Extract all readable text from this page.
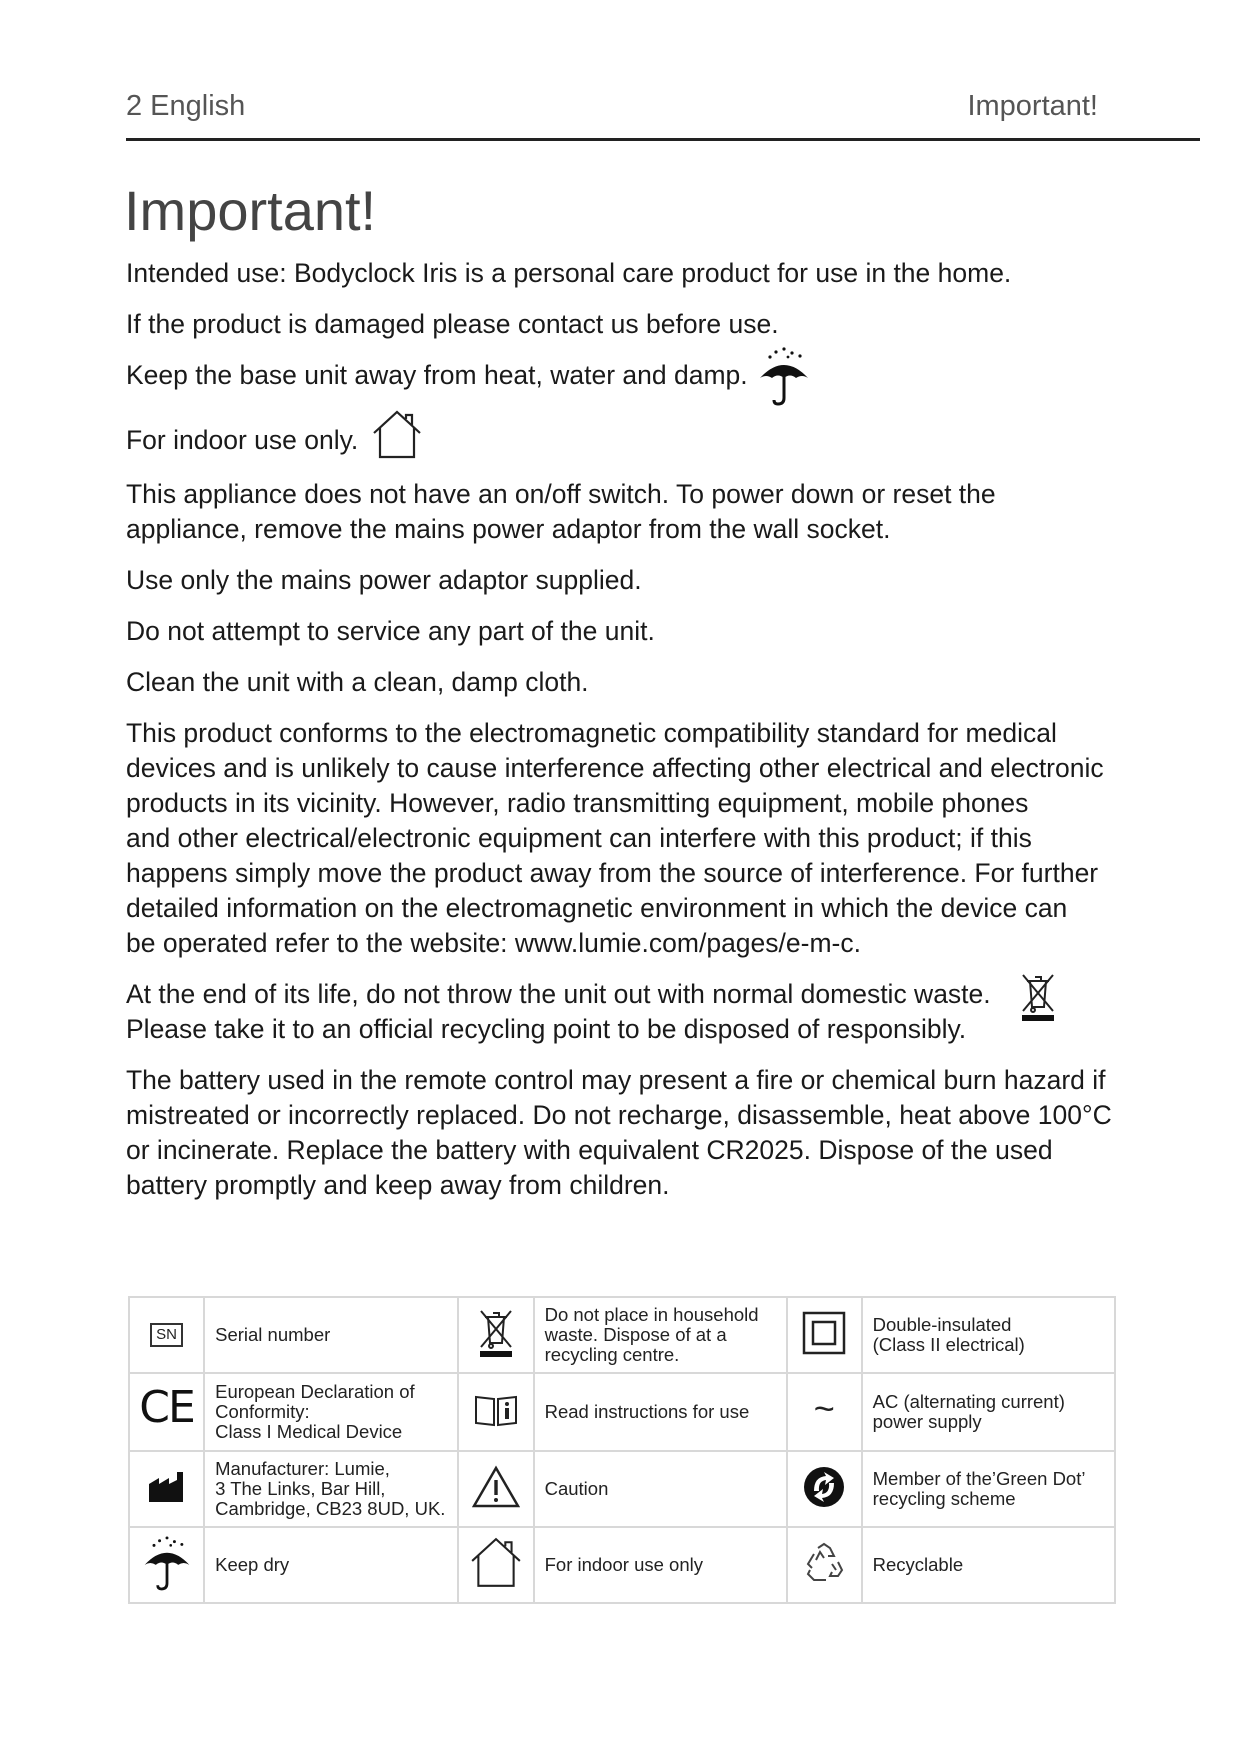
2 English	Important!
Important!

Intended use: Bodyclock Iris is a personal care product for use in the home.

If the product is damaged please contact us before use.

Keep the base unit away from heat, water and damp.

For indoor use only.

This appliance does not have an on/off switch. To power down or reset the
appliance, remove the mains power adaptor from the wall socket.

Use only the mains power adaptor supplied.

Do not attempt to service any part of the unit.

Clean the unit with a clean, damp cloth.

This product conforms to the electromagnetic compatibility standard for medical
devices and is unlikely to cause interference affecting other electrical and electronic
products in its vicinity. However, radio transmitting equipment, mobile phones
and other electrical/electronic equipment can interfere with this product; if this
happens simply move the product away from the source of interference. For further
detailed information on the electromagnetic environment in which the device can
be operated refer to the website: www.lumie.com/pages/e-m-c.

At the end of its life, do not throw the unit out with normal domestic waste.
Please take it to an official recycling point to be disposed of responsibly.

The battery used in the remote control may present a fire or chemical burn hazard if
mistreated or incorrectly replaced. Do not recharge, disassemble, heat above 100°C
or incinerate. Replace the battery with equivalent CR2025. Dispose of the used
battery promptly and keep away from children.

SN	Serial number		Do not place in household waste. Dispose of at a recycling centre.		Double-insulated
(Class II electrical)
CE	European Declaration of
Conformity:
Class I Medical Device		Read instructions for use	~	AC (alternating current)
power supply
	Manufacturer: Lumie,
3 The Links, Bar Hill,
Cambridge, CB23 8UD, UK.		Caution		Member of the’Green Dot’
recycling scheme
	Keep dry		For indoor use only		Recyclable
